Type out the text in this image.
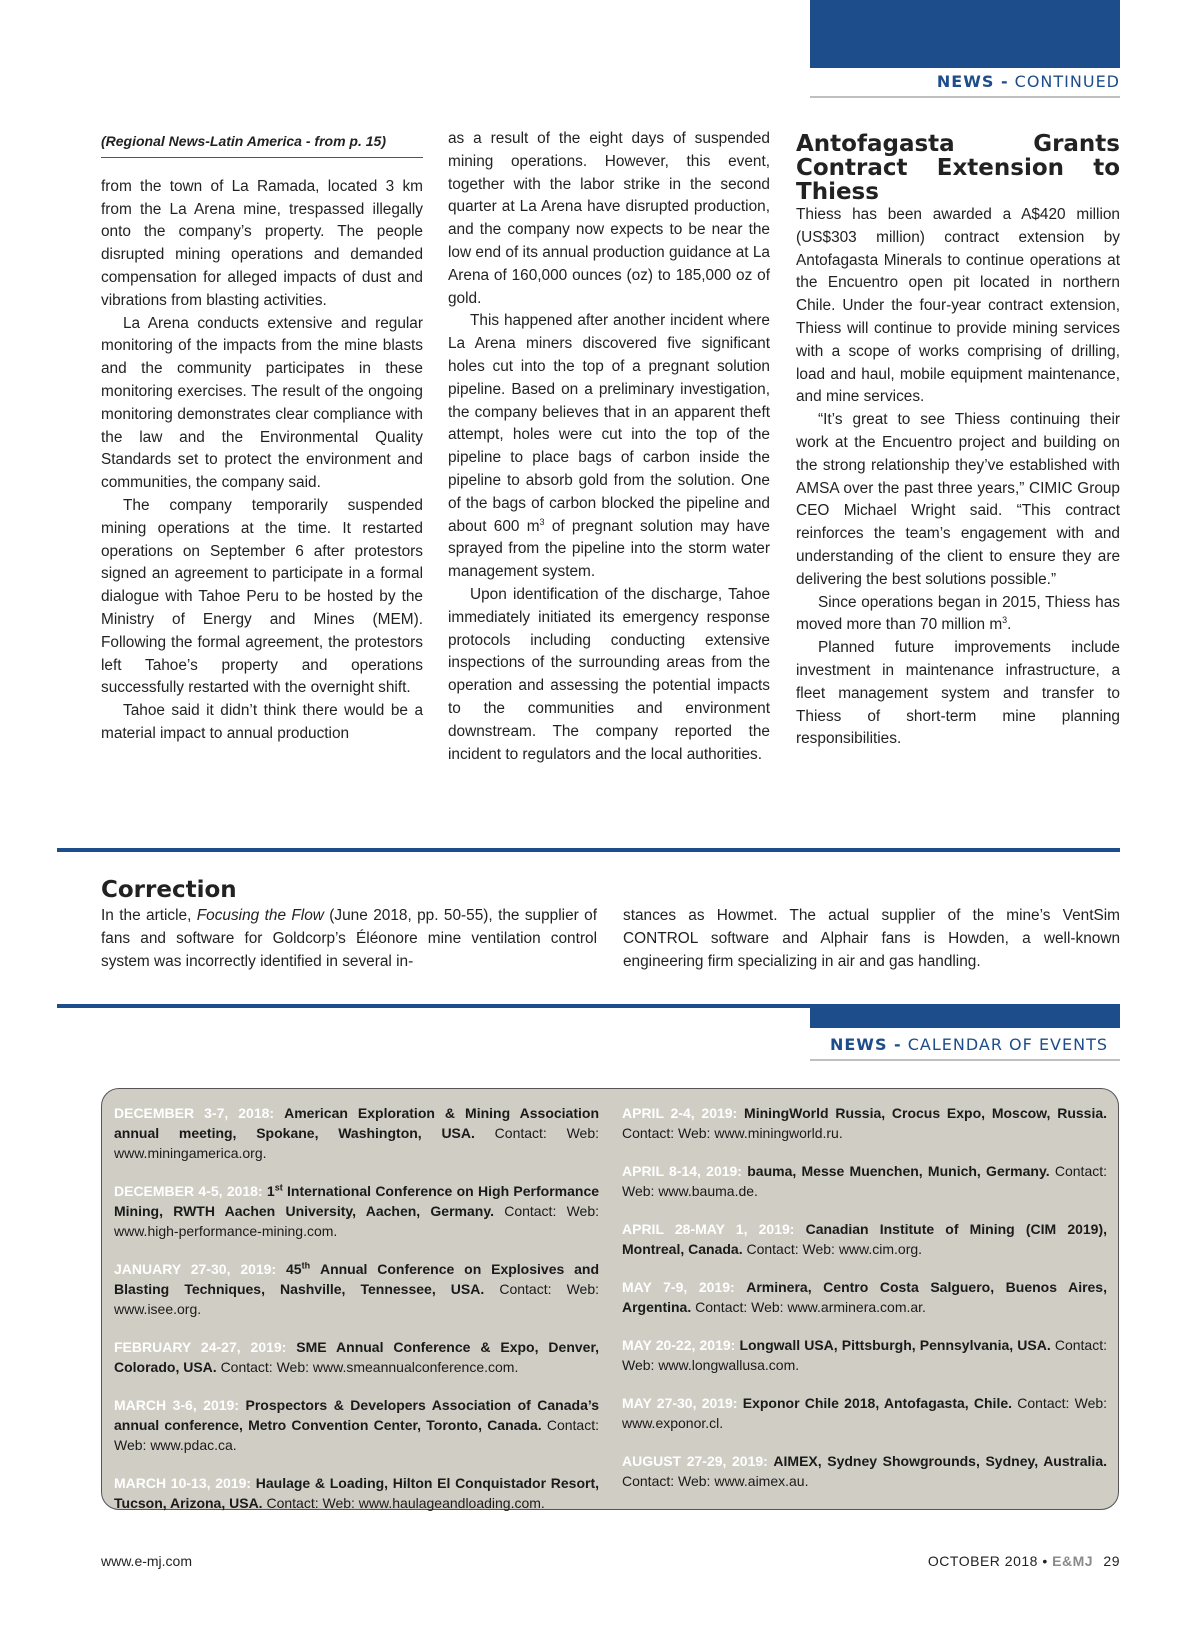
NEWS - CONTINUED
(Regional News-Latin America - from p. 15)

from the town of La Ramada, located 3 km from the La Arena mine, trespassed illegally onto the company’s property. The people disrupted mining operations and demanded compensation for alleged impacts of dust and vibrations from blasting activities.

La Arena conducts extensive and regular monitoring of the impacts from the mine blasts and the community participates in these monitoring exercises. The result of the ongoing monitoring demonstrates clear compliance with the law and the Environmental Quality Standards set to protect the environment and communities, the company said.

The company temporarily suspended mining operations at the time. It restarted operations on September 6 after protestors signed an agreement to participate in a formal dialogue with Tahoe Peru to be hosted by the Ministry of Energy and Mines (MEM). Following the formal agreement, the protestors left Tahoe’s property and operations successfully restarted with the overnight shift.

Tahoe said it didn’t think there would be a material impact to annual production

as a result of the eight days of suspended mining operations. However, this event, together with the labor strike in the second quarter at La Arena have disrupted production, and the company now expects to be near the low end of its annual production guidance at La Arena of 160,000 ounces (oz) to 185,000 oz of gold.

This happened after another incident where La Arena miners discovered five significant holes cut into the top of a pregnant solution pipeline. Based on a preliminary investigation, the company believes that in an apparent theft attempt, holes were cut into the top of the pipeline to place bags of carbon inside the pipeline to absorb gold from the solution. One of the bags of carbon blocked the pipeline and about 600 $m^3$ of pregnant solution may have sprayed from the pipeline into the storm water management system.

Upon identification of the discharge, Tahoe immediately initiated its emergency response protocols including conducting extensive inspections of the surrounding areas from the operation and assessing the potential impacts to the communities and environment downstream. The company reported the incident to regulators and the local authorities.

Antofagasta Grants Contract Extension to Thiess

Thiess has been awarded a A$420 million (US$303 million) contract extension by Antofagasta Minerals to continue operations at the Encuentro open pit located in northern Chile. Under the four-year contract extension, Thiess will continue to provide mining services with a scope of works comprising of drilling, load and haul, mobile equipment maintenance, and mine services.

“It’s great to see Thiess continuing their work at the Encuentro project and building on the strong relationship they’ve established with AMSA over the past three years,” CIMIC Group CEO Michael Wright said. “This contract reinforces the team’s engagement with and understanding of the client to ensure they are delivering the best solutions possible.”

Since operations began in 2015, Thiess has moved more than 70 million $m^3$.

Planned future improvements include investment in maintenance infrastructure, a fleet management system and transfer to Thiess of short-term mine planning responsibilities.

Correction

In the article, Focusing the Flow (June 2018, pp. 50-55), the supplier of fans and software for Goldcorp’s Éléonore mine ventilation control system was incorrectly identified in several in-

stances as Howmet. The actual supplier of the mine’s VentSim CONTROL software and Alphair fans is Howden, a well-known engineering firm specializing in air and gas handling.

NEWS - CALENDAR OF EVENTS
DECEMBER 3-7, 2018: American Exploration & Mining Association annual meeting, Spokane, Washington, USA. Contact: Web: www.miningamerica.org.
DECEMBER 4-5, 2018: 1st International Conference on High Performance Mining, RWTH Aachen University, Aachen, Germany. Contact: Web: www.high-performance-mining.com.
JANUARY 27-30, 2019: 45th Annual Conference on Explosives and Blasting Techniques, Nashville, Tennessee, USA. Contact: Web: www.isee.org.
FEBRUARY 24-27, 2019: SME Annual Conference & Expo, Denver, Colorado, USA. Contact: Web: www.smeannualconference.com.
MARCH 3-6, 2019: Prospectors & Developers Association of Canada’s annual conference, Metro Convention Center, Toronto, Canada. Contact: Web: www.pdac.ca.
MARCH 10-13, 2019: Haulage & Loading, Hilton El Conquistador Resort, Tucson, Arizona, USA. Contact: Web: www.haulageandloading.com.
APRIL 2-4, 2019: MiningWorld Russia, Crocus Expo, Moscow, Russia. Contact: Web: www.miningworld.ru.
APRIL 8-14, 2019: bauma, Messe Muenchen, Munich, Germany. Contact: Web: www.bauma.de.
APRIL 28-MAY 1, 2019: Canadian Institute of Mining (CIM 2019), Montreal, Canada. Contact: Web: www.cim.org.
MAY 7-9, 2019: Arminera, Centro Costa Salguero, Buenos Aires, Argentina. Contact: Web: www.arminera.com.ar.
MAY 20-22, 2019: Longwall USA, Pittsburgh, Pennsylvania, USA. Contact: Web: www.longwallusa.com.
MAY 27-30, 2019: Exponor Chile 2018, Antofagasta, Chile. Contact: Web: www.exponor.cl.
AUGUST 27-29, 2019: AIMEX, Sydney Showgrounds, Sydney, Australia. Contact: Web: www.aimex.au.
www.e-mj.com	OCTOBER 2018 • E&MJ 29
